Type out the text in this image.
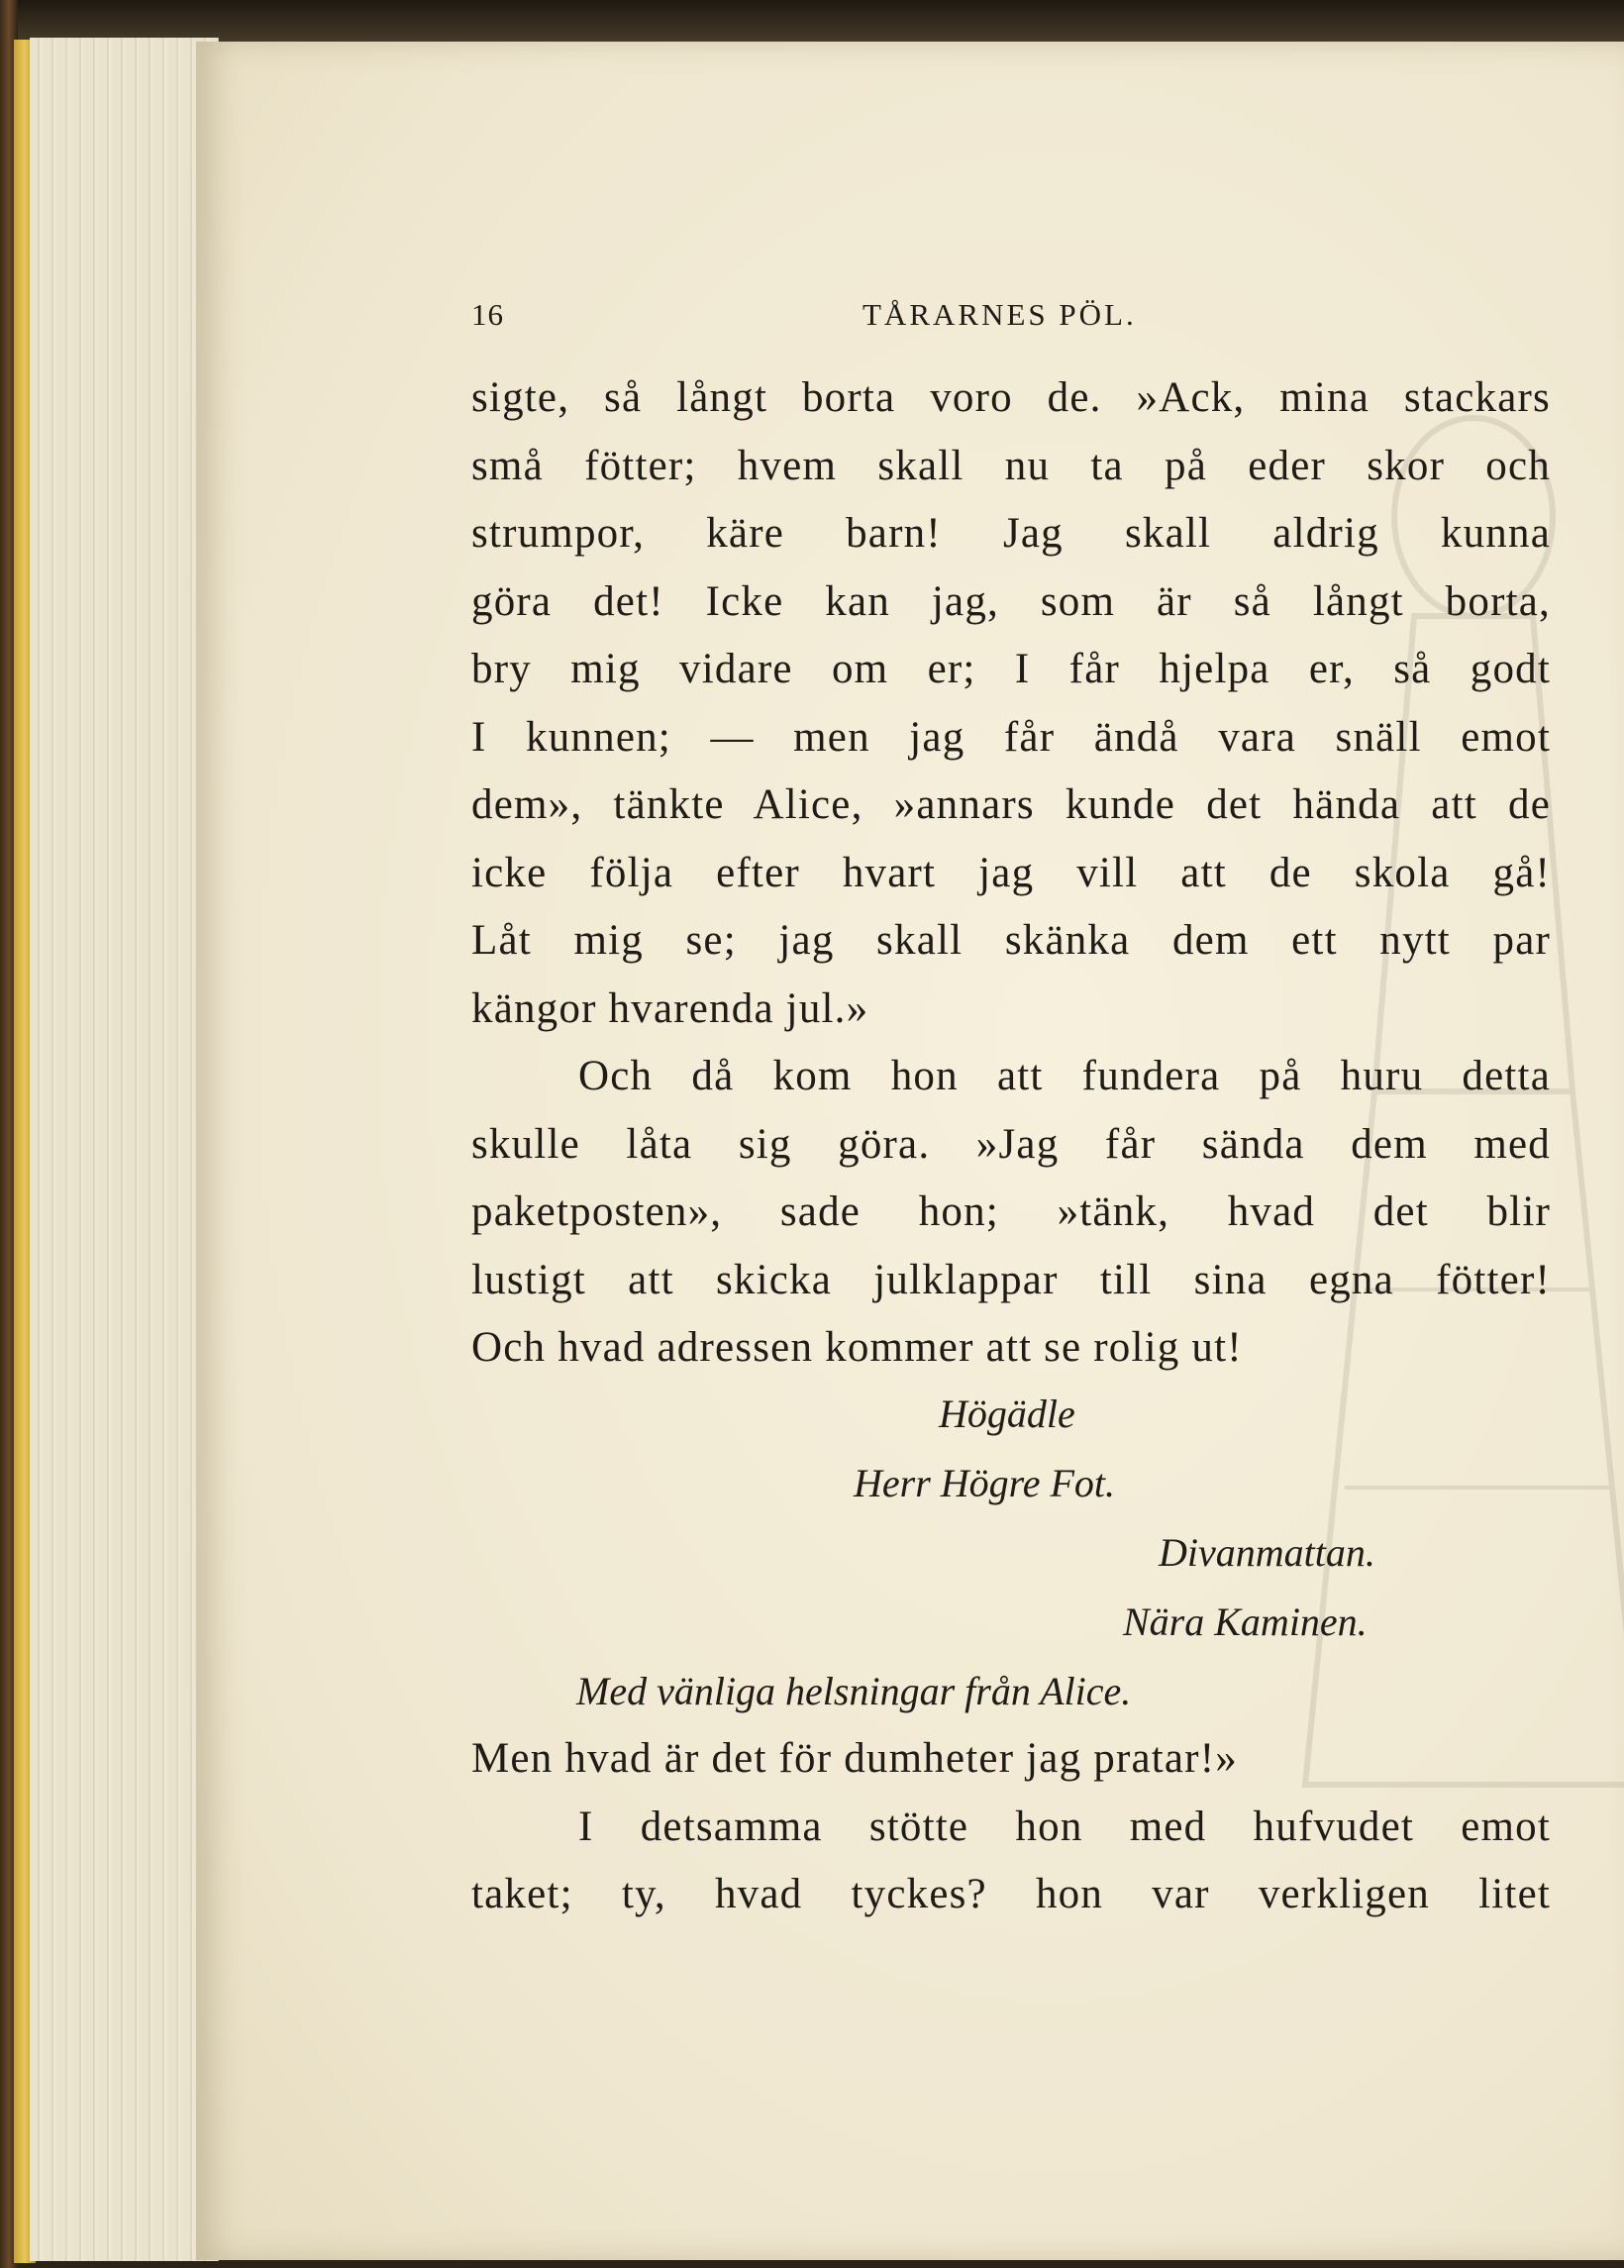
16	TÅRARNES PÖL.
sigte, så långt borta voro de. »Ack, mina stackars
små fötter; hvem skall nu ta på eder skor och
strumpor, käre barn! Jag skall aldrig kunna
göra det! Icke kan jag, som är så långt borta,
bry mig vidare om er; I får hjelpa er, så godt
I kunnen; — men jag får ändå vara snäll emot
dem», tänkte Alice, »annars kunde det hända att de
icke följa efter hvart jag vill att de skola gå!
Låt mig se; jag skall skänka dem ett nytt par
kängor hvarenda jul.»
Och då kom hon att fundera på huru detta
skulle låta sig göra. »Jag får sända dem med
paketposten», sade hon; »tänk, hvad det blir
lustigt att skicka julklappar till sina egna fötter!
Och hvad adressen kommer att se rolig ut!
Högädle
Herr Högre Fot.
Divanmattan.
Nära Kaminen.
Med vänliga helsningar från Alice.
Men hvad är det för dumheter jag pratar!»
I detsamma stötte hon med hufvudet emot
taket; ty, hvad tyckes? hon var verkligen litet
